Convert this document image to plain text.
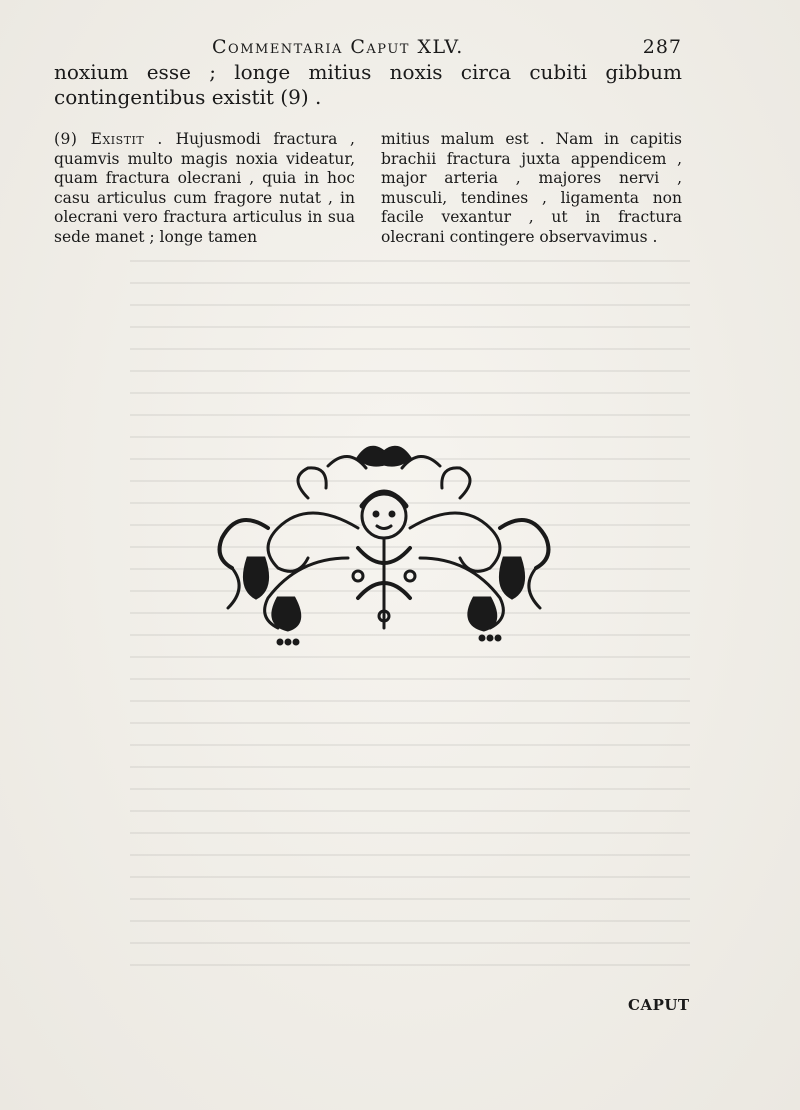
Commentaria Caput XLV.	287
noxium esse ; longe mitius noxis circa cubiti gibbum contingentibus existit (9) .
(9) Existit . Hujusmodi fractura , quamvis multo magis noxia videatur, quam fractura olecrani , quia in hoc casu articulus cum fragore nutat , in olecrani vero fractura articulus in sua sede manet ; longe tamen
mitius malum est . Nam in capitis brachii fractura juxta appendicem , major arteria , majores nervi , musculi, tendines , ligamenta non facile vexantur , ut in fractura olecrani contingere observavimus .
CAPUT
